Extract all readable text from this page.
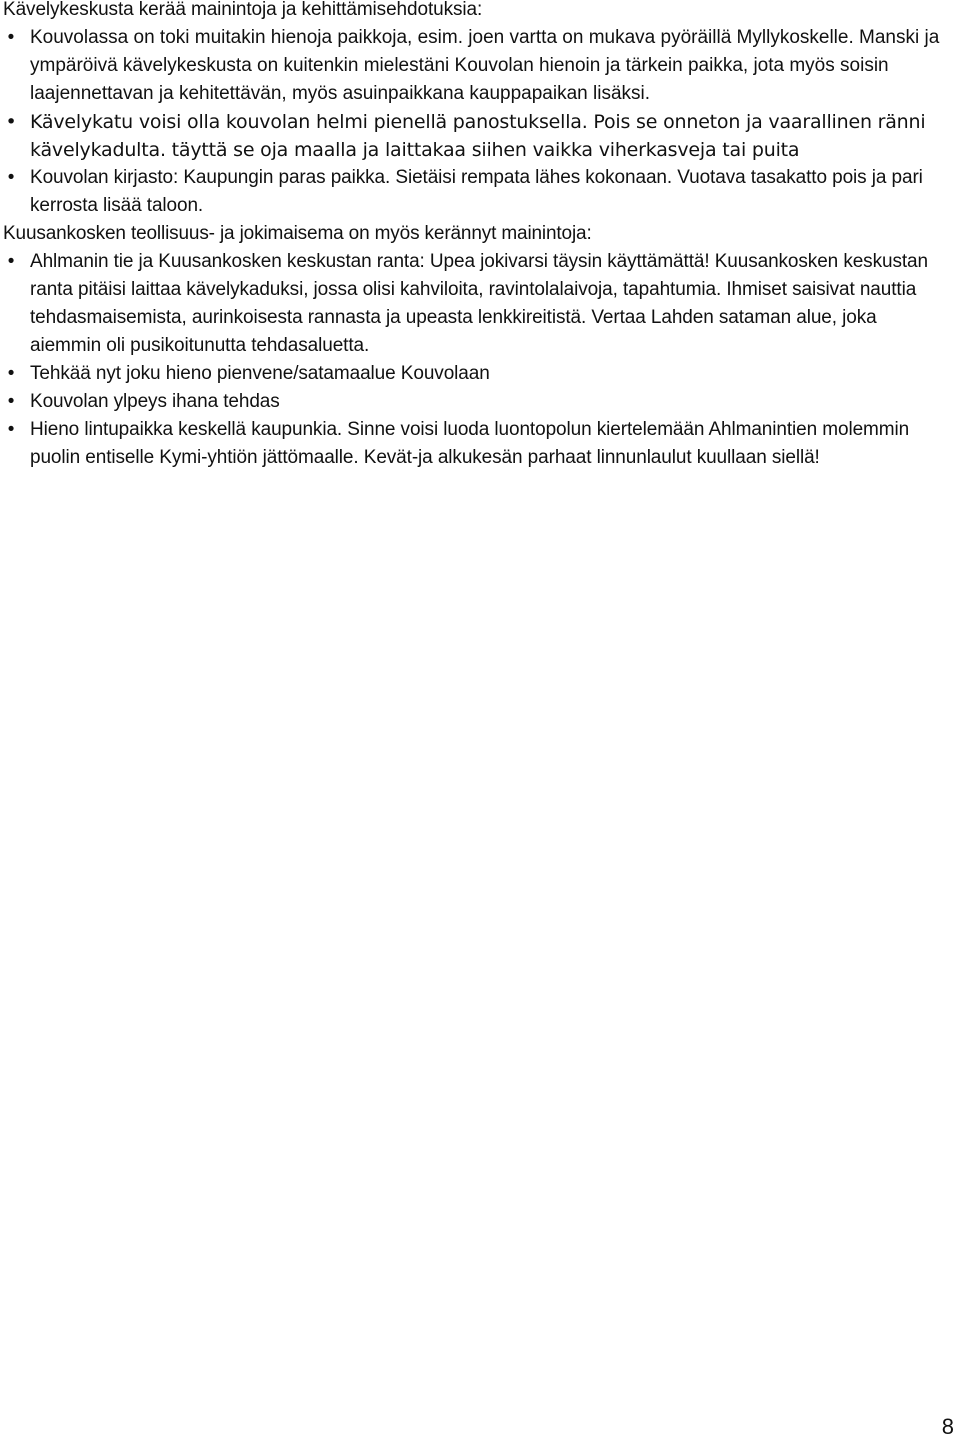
Kävelykeskusta kerää mainintoja ja kehittämisehdotuksia:

• Kouvolassa on toki muitakin hienoja paikkoja, esim. joen vartta on mukava pyöräillä Myllykoskelle. Manski ja ympäröivä kävelykeskusta on kuitenkin mielestäni Kouvolan hienoin ja tärkein paikka, jota myös soisin laajennettavan ja kehitettävän, myös asuinpaikkana kauppapaikan lisäksi.
• Kävelykatu voisi olla kouvolan helmi pienellä panostuksella. Pois se onneton ja vaarallinen ränni kävelykadulta. täyttä se oja maalla ja laittakaa siihen vaikka viherkasveja tai puita
• Kouvolan kirjasto: Kaupungin paras paikka. Sietäisi rempata lähes kokonaan. Vuotava tasakatto pois ja pari kerrosta lisää taloon.

Kuusankosken teollisuus- ja jokimaisema on myös kerännyt mainintoja:

• Ahlmanin tie ja Kuusankosken keskustan ranta: Upea jokivarsi täysin käyttämättä! Kuusankosken keskustan ranta pitäisi laittaa kävelykaduksi, jossa olisi kahviloita, ravintolalaivoja, tapahtumia. Ihmiset saisivat nauttia tehdasmaisemista, aurinkoisesta rannasta ja upeasta lenkkireitistä. Vertaa Lahden sataman alue, joka aiemmin oli pusikoitunutta tehdasaluetta.
• Tehkää nyt joku hieno pienvene/satamaalue Kouvolaan
• Kouvolan ylpeys ihana tehdas
• Hieno lintupaikka keskellä kaupunkia. Sinne voisi luoda luontopolun kiertelemään Ahlmanintien molemmin puolin entiselle Kymi-yhtiön jättömaalle. Kevät-ja alkukesän parhaat linnunlaulut kuullaan siellä!
8
